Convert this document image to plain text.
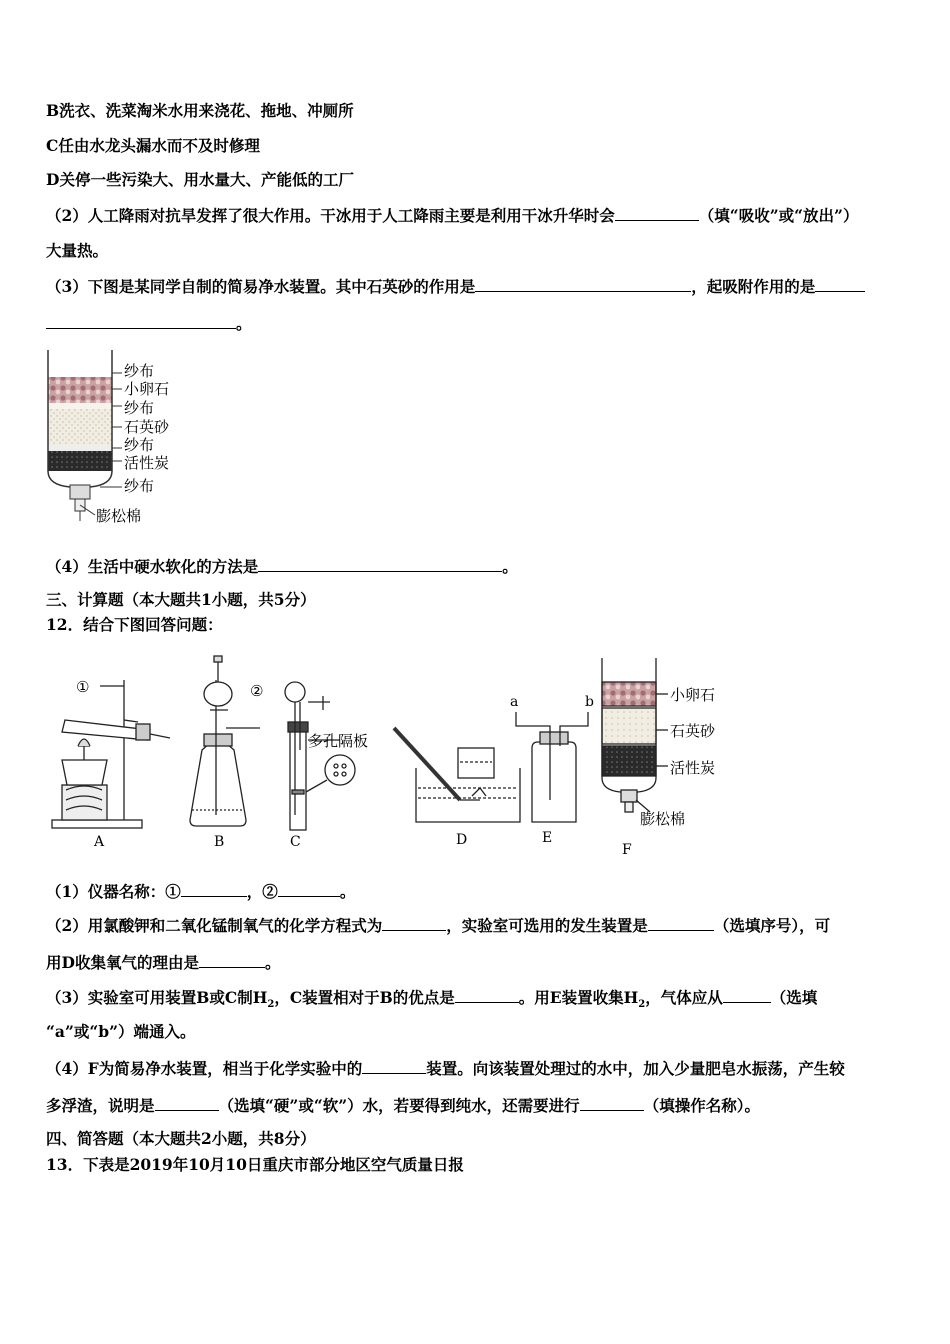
B洗衣、洗菜淘米水用来浇花、拖地、冲厕所
C任由水龙头漏水而不及时修理
D关停一些污染大、用水量大、产能低的工厂
（2）人工降雨对抗旱发挥了很大作用。干冰用于人工降雨主要是利用干冰升华时会	（填“吸收”或“放出”）
大量热。
（3）下图是某同学自制的简易净水装置。其中石英砂的作用是	，起吸附作用的是
。
纱布
小卵石
纱布
石英砂
纱布
活性炭
纱布
膨松棉
（4）生活中硬水软化的方法是	。
三、计算题（本大题共1小题，共5分）
12．结合下图回答问题：
①	②
多孔隔板
a	b	小卵石
石英砂
活性炭
膨松棉
A	B	C	D	E
F
（1）仪器名称：①	，②	。
（2）用氯酸钾和二氧化锰制氧气的化学方程式为	，实验室可选用的发生装置是	（选填序号），可
用D收集氧气的理由是	。
（3）实验室可用装置B或C制$H_2$，C装置相对于B的优点是	。用E装置收集$H_2$，气体应从	（选填
“a”或“b”）端通入。
（4）F为简易净水装置，相当于化学实验中的	装置。向该装置处理过的水中，加入少量肥皂水振荡，产生较
多浮渣，说明是	（选填“硬”或“软”）水，若要得到纯水，还需要进行	（填操作名称）。
四、简答题（本大题共2小题，共8分）
13．下表是2019年10月10日重庆市部分地区空气质量日报
